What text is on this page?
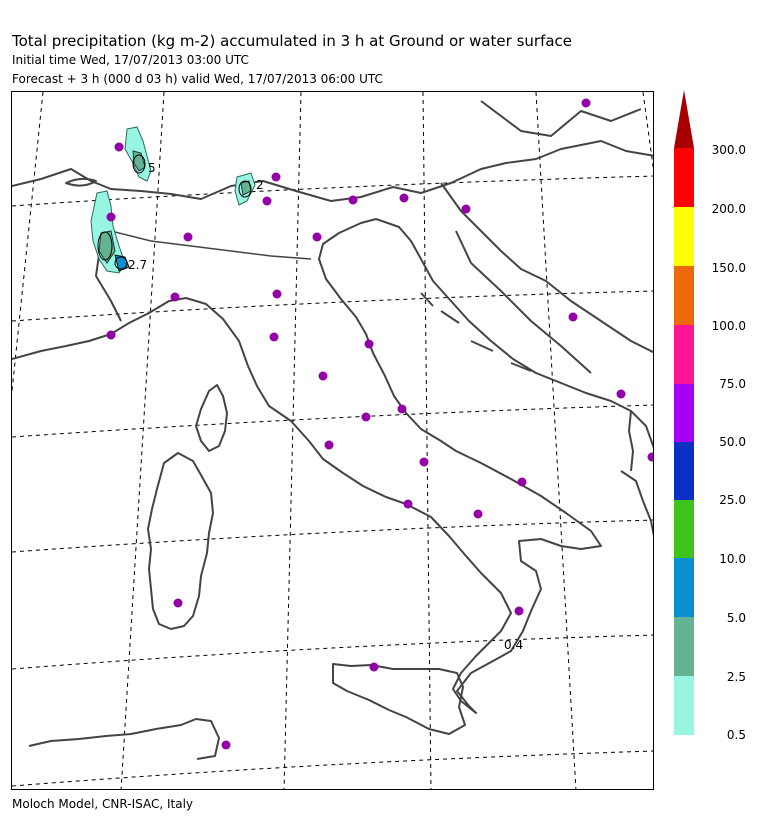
Total precipitation (kg m-2) accumulated in 3 h at Ground or water surface
Initial time Wed, 17/07/2013 03:00 UTC
Forecast + 3 h (000 d 03 h) valid Wed, 17/07/2013 06:00 UTC
5
2
2.7
0.4
300.0
200.0
150.0
100.0
75.0
50.0
25.0
10.0
5.0
2.5
0.5
Moloch Model, CNR-ISAC, Italy
